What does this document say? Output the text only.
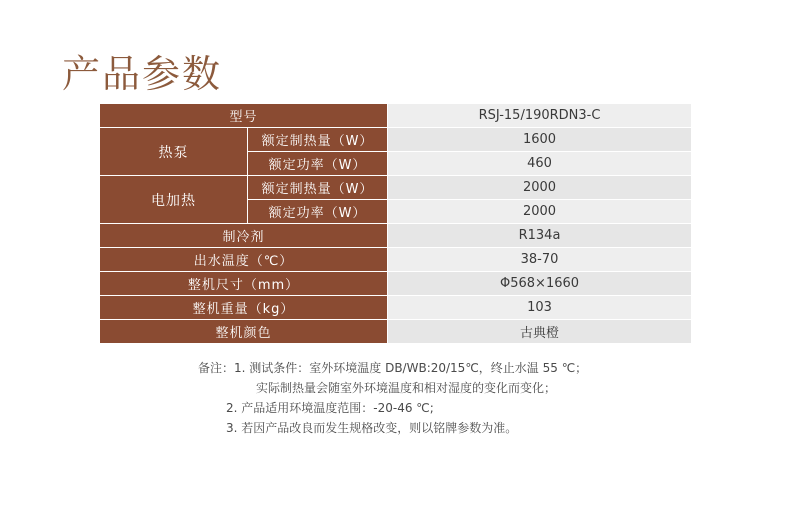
产品参数
型号		RSJ-15/190RDN3-C
热泵	额定制热量（W）	1600
	额定功率（W）	460
电加热	额定制热量（W）	2000
	额定功率（W）	2000
制冷剂		R134a
出水温度（℃）		38-70
整机尺寸（mm）		Φ568×1660
整机重量（kg）		103
整机颜色		古典橙
备注：1. 测试条件：室外环境温度 DB/WB:20/15℃，终止水温 55 ℃；
实际制热量会随室外环境温度和相对湿度的变化而变化；
2. 产品适用环境温度范围：-20-46 ℃;
3. 若因产品改良而发生规格改变，则以铭牌参数为准。
